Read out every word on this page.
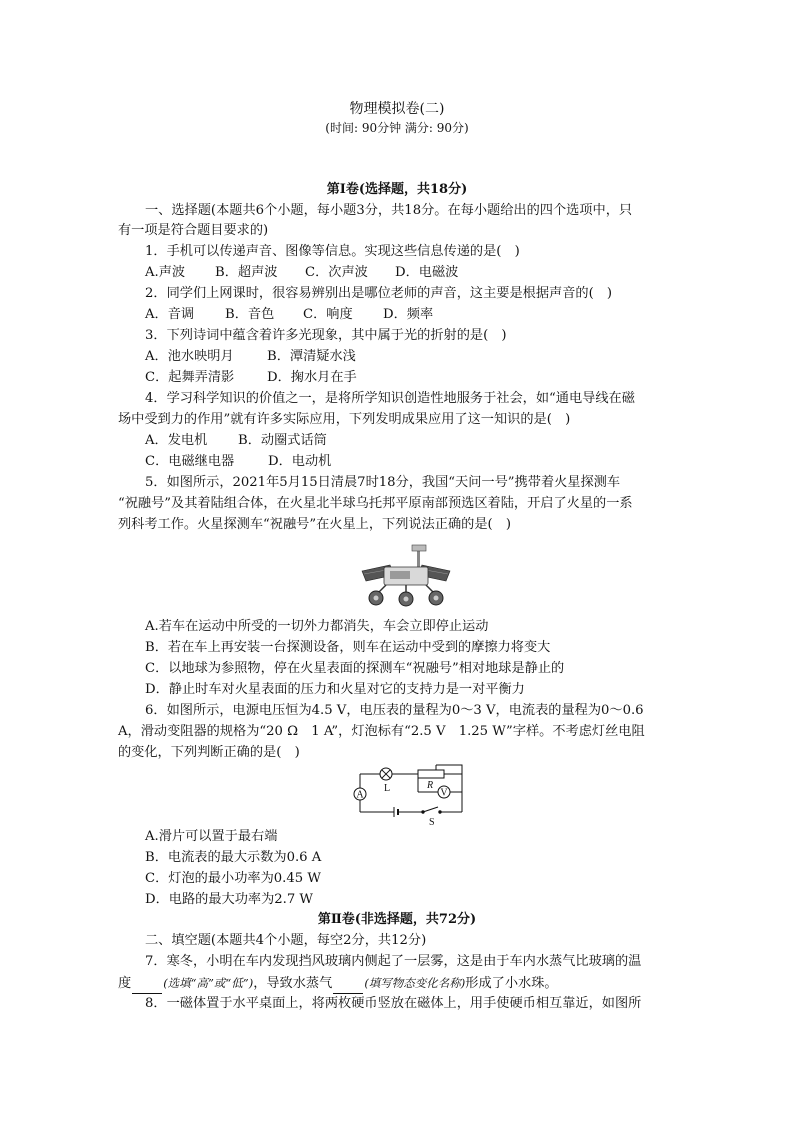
物理模拟卷(二)
(时间: 90分钟 满分: 90分)
第Ⅰ卷(选择题，共18分)
一、选择题(本题共6个小题，每小题3分，共18分。在每小题给出的四个选项中，只
有一项是符合题目要求的)
1．手机可以传递声音、图像等信息。实现这些信息传递的是(　)
A.声波 B．超声波 C．次声波 D．电磁波
2．同学们上网课时，很容易辨别出是哪位老师的声音，这主要是根据声音的(　)
A．音调 B．音色 C．响度 D．频率
3．下列诗词中蕴含着许多光现象，其中属于光的折射的是(　)
A．池水映明月	B．潭清疑水浅
C．起舞弄清影 D．掬水月在手
4．学习科学知识的价值之一，是将所学知识创造性地服务于社会，如“通电导线在磁
场中受到力的作用”就有许多实际应用，下列发明成果应用了这一知识的是(　)
A．发电机 B．动圈式话筒
C．电磁继电器	D．电动机
5．如图所示，2021年5月15日清晨7时18分，我国“天问一号”携带着火星探测车
“祝融号”及其着陆组合体，在火星北半球乌托邦平原南部预选区着陆，开启了火星的一系
列科考工作。火星探测车“祝融号”在火星上，下列说法正确的是(　)
A.若车在运动中所受的一切外力都消失，车会立即停止运动
B．若在车上再安装一台探测设备，则车在运动中受到的摩擦力将变大
C．以地球为参照物，停在火星表面的探测车“祝融号”相对地球是静止的
D．静止时车对火星表面的压力和火星对它的支持力是一对平衡力
6．如图所示，电源电压恒为4.5 V，电压表的量程为0～3 V，电流表的量程为0～0.6
A，滑动变阻器的规格为“20 Ω　1 A”，灯泡标有“2.5 V　1.25 W”字样。不考虑灯丝电阻
的变化，下列判断正确的是(　)
A	V
L	R
S
A.滑片可以置于最右端
B．电流表的最大示数为0.6 A
C．灯泡的最小功率为0.45 W
D．电路的最大功率为2.7 W
第Ⅱ卷(非选择题，共72分)
二、填空题(本题共4个小题，每空2分，共12分)
7．寒冬，小明在车内发现挡风玻璃内侧起了一层雾，这是由于车内水蒸气比玻璃的温
度	(选填“高”或“低”)，导致水蒸气	(填写物态变化名称)形成了小水珠。
8．一磁体置于水平桌面上，将两枚硬币竖放在磁体上，用手使硬币相互靠近，如图所
